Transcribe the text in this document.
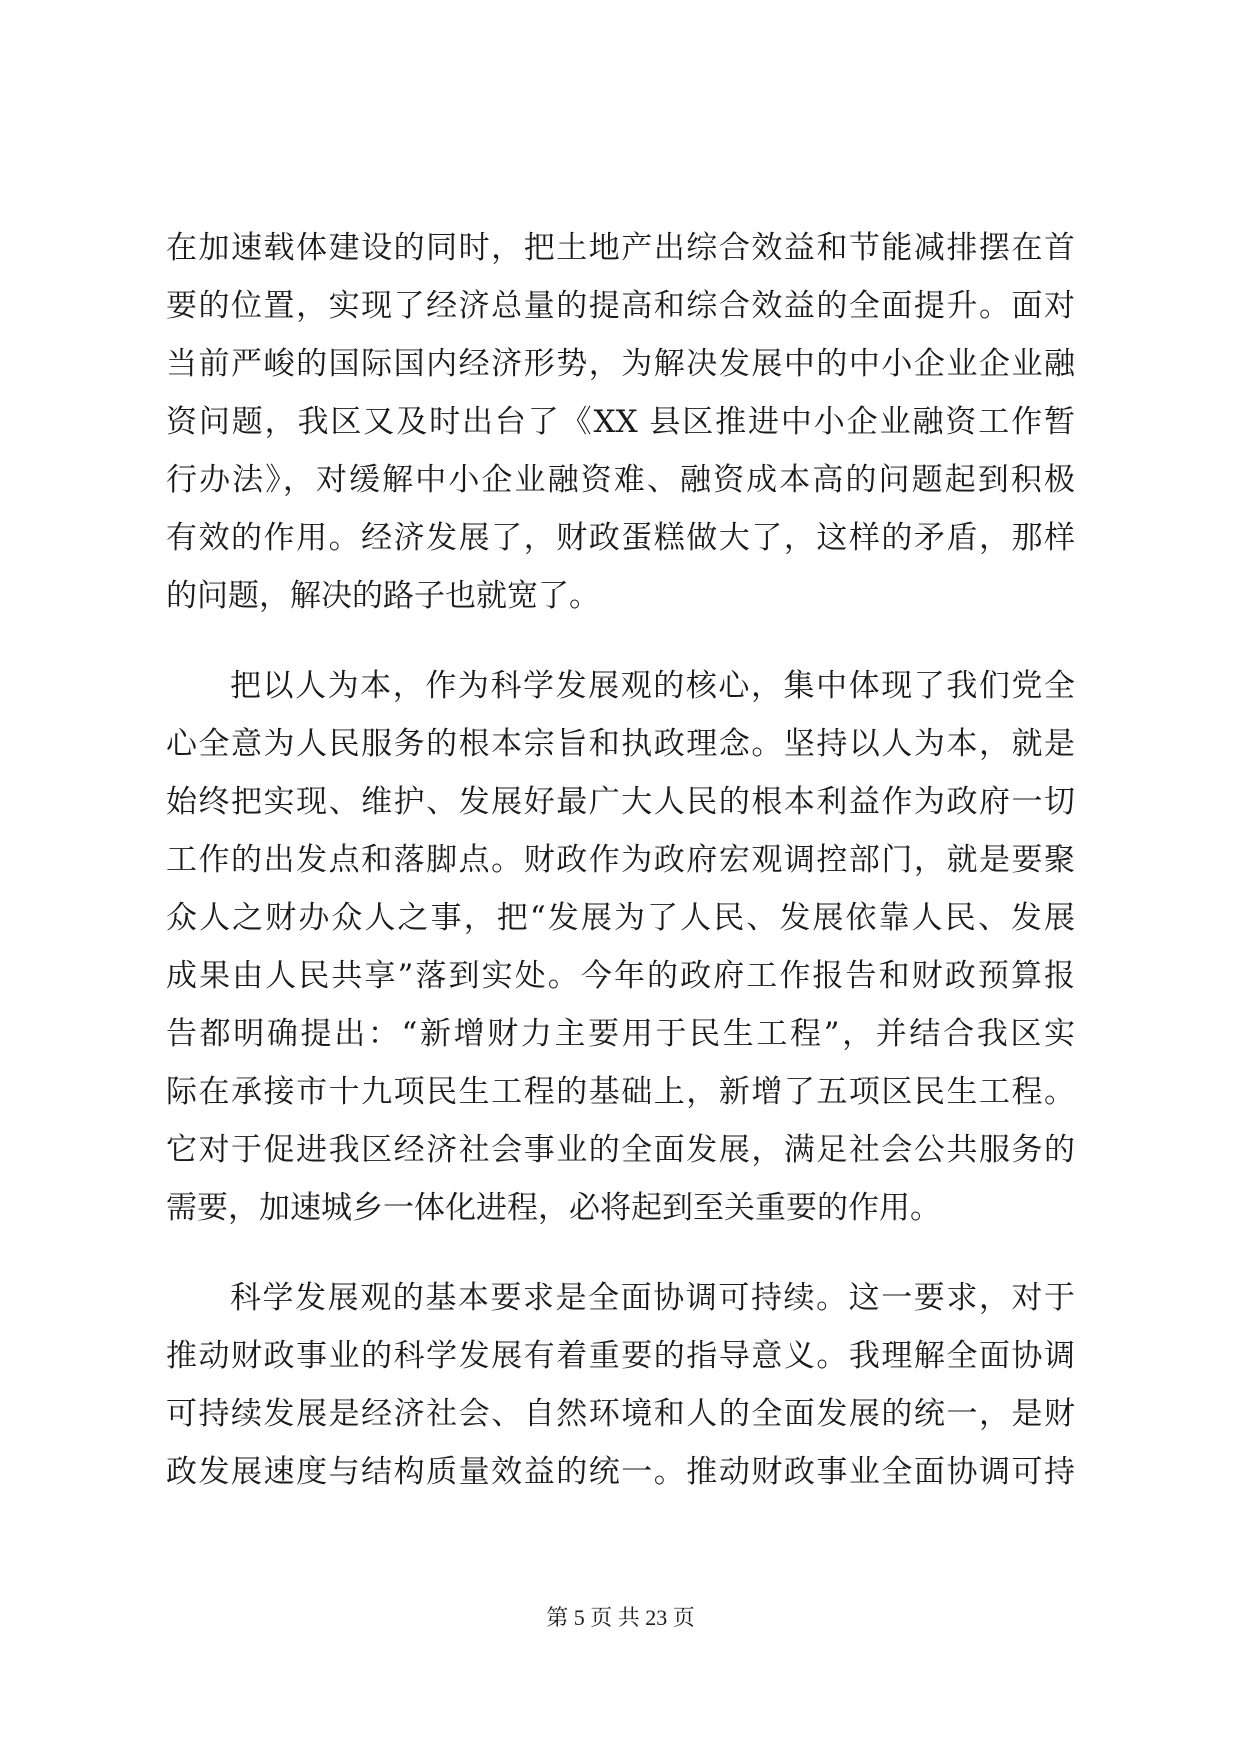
在加速载体建设的同时，把土地产出综合效益和节能减排摆在首
要的位置，实现了经济总量的提高和综合效益的全面提升。面对
当前严峻的国际国内经济形势，为解决发展中的中小企业企业融
资问题，我区又及时出台了《XX 县区推进中小企业融资工作暂
行办法》，对缓解中小企业融资难、融资成本高的问题起到积极
有效的作用。经济发展了，财政蛋糕做大了，这样的矛盾，那样
的问题，解决的路子也就宽了。
把以人为本，作为科学发展观的核心，集中体现了我们党全
心全意为人民服务的根本宗旨和执政理念。坚持以人为本，就是
始终把实现、维护、发展好最广大人民的根本利益作为政府一切
工作的出发点和落脚点。财政作为政府宏观调控部门，就是要聚
众人之财办众人之事，把“发展为了人民、发展依靠人民、发展
成果由人民共享”落到实处。今年的政府工作报告和财政预算报
告都明确提出：“新增财力主要用于民生工程”，并结合我区实
际在承接市十九项民生工程的基础上，新增了五项区民生工程。
它对于促进我区经济社会事业的全面发展，满足社会公共服务的
需要，加速城乡一体化进程，必将起到至关重要的作用。
科学发展观的基本要求是全面协调可持续。这一要求，对于
推动财政事业的科学发展有着重要的指导意义。我理解全面协调
可持续发展是经济社会、自然环境和人的全面发展的统一，是财
政发展速度与结构质量效益的统一。推动财政事业全面协调可持
第 5 页 共 23 页
